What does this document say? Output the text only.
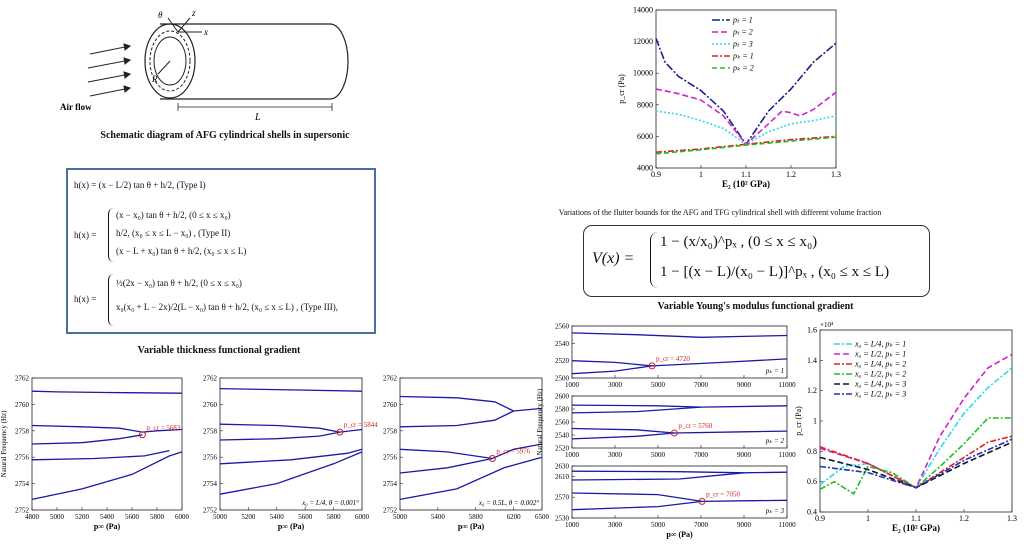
θ	z
x
R
L
Air flow
Schematic diagram of AFG cylindrical shells in supersonic
h(x) = (x − L/2) tan θ + h/2, (Type I)
h(x) =
(x − x₀) tan θ + h/2, (0 ≤ x ≤ x₀)
h/2, (x₀ ≤ x ≤ L − x₀) , (Type II)
(x − L + x₀) tan θ + h/2, (x₀ ≤ x ≤ L)
h(x) =
½(2x − x₀) tan θ + h/2, (0 ≤ x ≤ x₀)
x₀(x₀ + L − 2x)/2(L − x₀) tan θ + h/2, (x₀ ≤ x ≤ L) , (Type III),
Variable thickness functional gradient
Variations of the flutter bounds for the AFG and TFG cylindrical shell with different volume fraction
V(x) =
1 − (x/x₀)^pₓ , (0 ≤ x ≤ x₀)
1 − [(x − L)/(x₀ − L)]^pₓ , (x₀ ≤ x ≤ L)
Variable Young's modulus functional gradient
0.9	1	1.1	1.2	1.3
4000
6000
8000
10000
12000
14000
E₂ (10² GPa)
p_cr (Pa)
pₜ = 1
pₜ = 2
pₜ = 3
pₖ = 1
pₖ = 2
4800 5000 5200 5400 5600 5800 6000
2752
2754
2756
2758
2760
2762
p_cr = 5683
p∞ (Pa)
Natural Frequency (Hz)
5000 5200 5400 5600 5800 6000
2752
2754
2756
2758
2760
2762
p_cr = 5844
x₀ = L/4, θ = 0.001°
p∞ (Pa)
5000	5400	5800	6200 6500
2752
2754
2756
2758
2760
2762
p_cr = 5976
x₀ = 0.5L, θ = 0.002°
p∞ (Pa)
1000	3000	5000	7000	9000	11000
2500
2520
2540
2560
p_cr = 4720
pₖ = 1
1000	3000	5000	7000	9000	11000
2520
2540
2560
2580
2600
p_cr = 5760
pₖ = 2
Natural Frequency (Hz)
1000	3000	5000	7000	9000	11000
2530
2570
2610
2630
p_cr = 7050
pₖ = 3
p∞ (Pa)
0.9	1	1.1	1.2	1.3
0.4
0.6
0.8
1
1.2
1.4
1.6
E₂ (10² GPa)
p_cr (Pa)
×10⁴
x₀ = L/4, pₖ = 1
x₀ = L/2, pₖ = 1
x₀ = L/4, pₖ = 2
x₀ = L/2, pₖ = 2
x₀ = L/4, pₖ = 3
x₀ = L/2, pₖ = 3
